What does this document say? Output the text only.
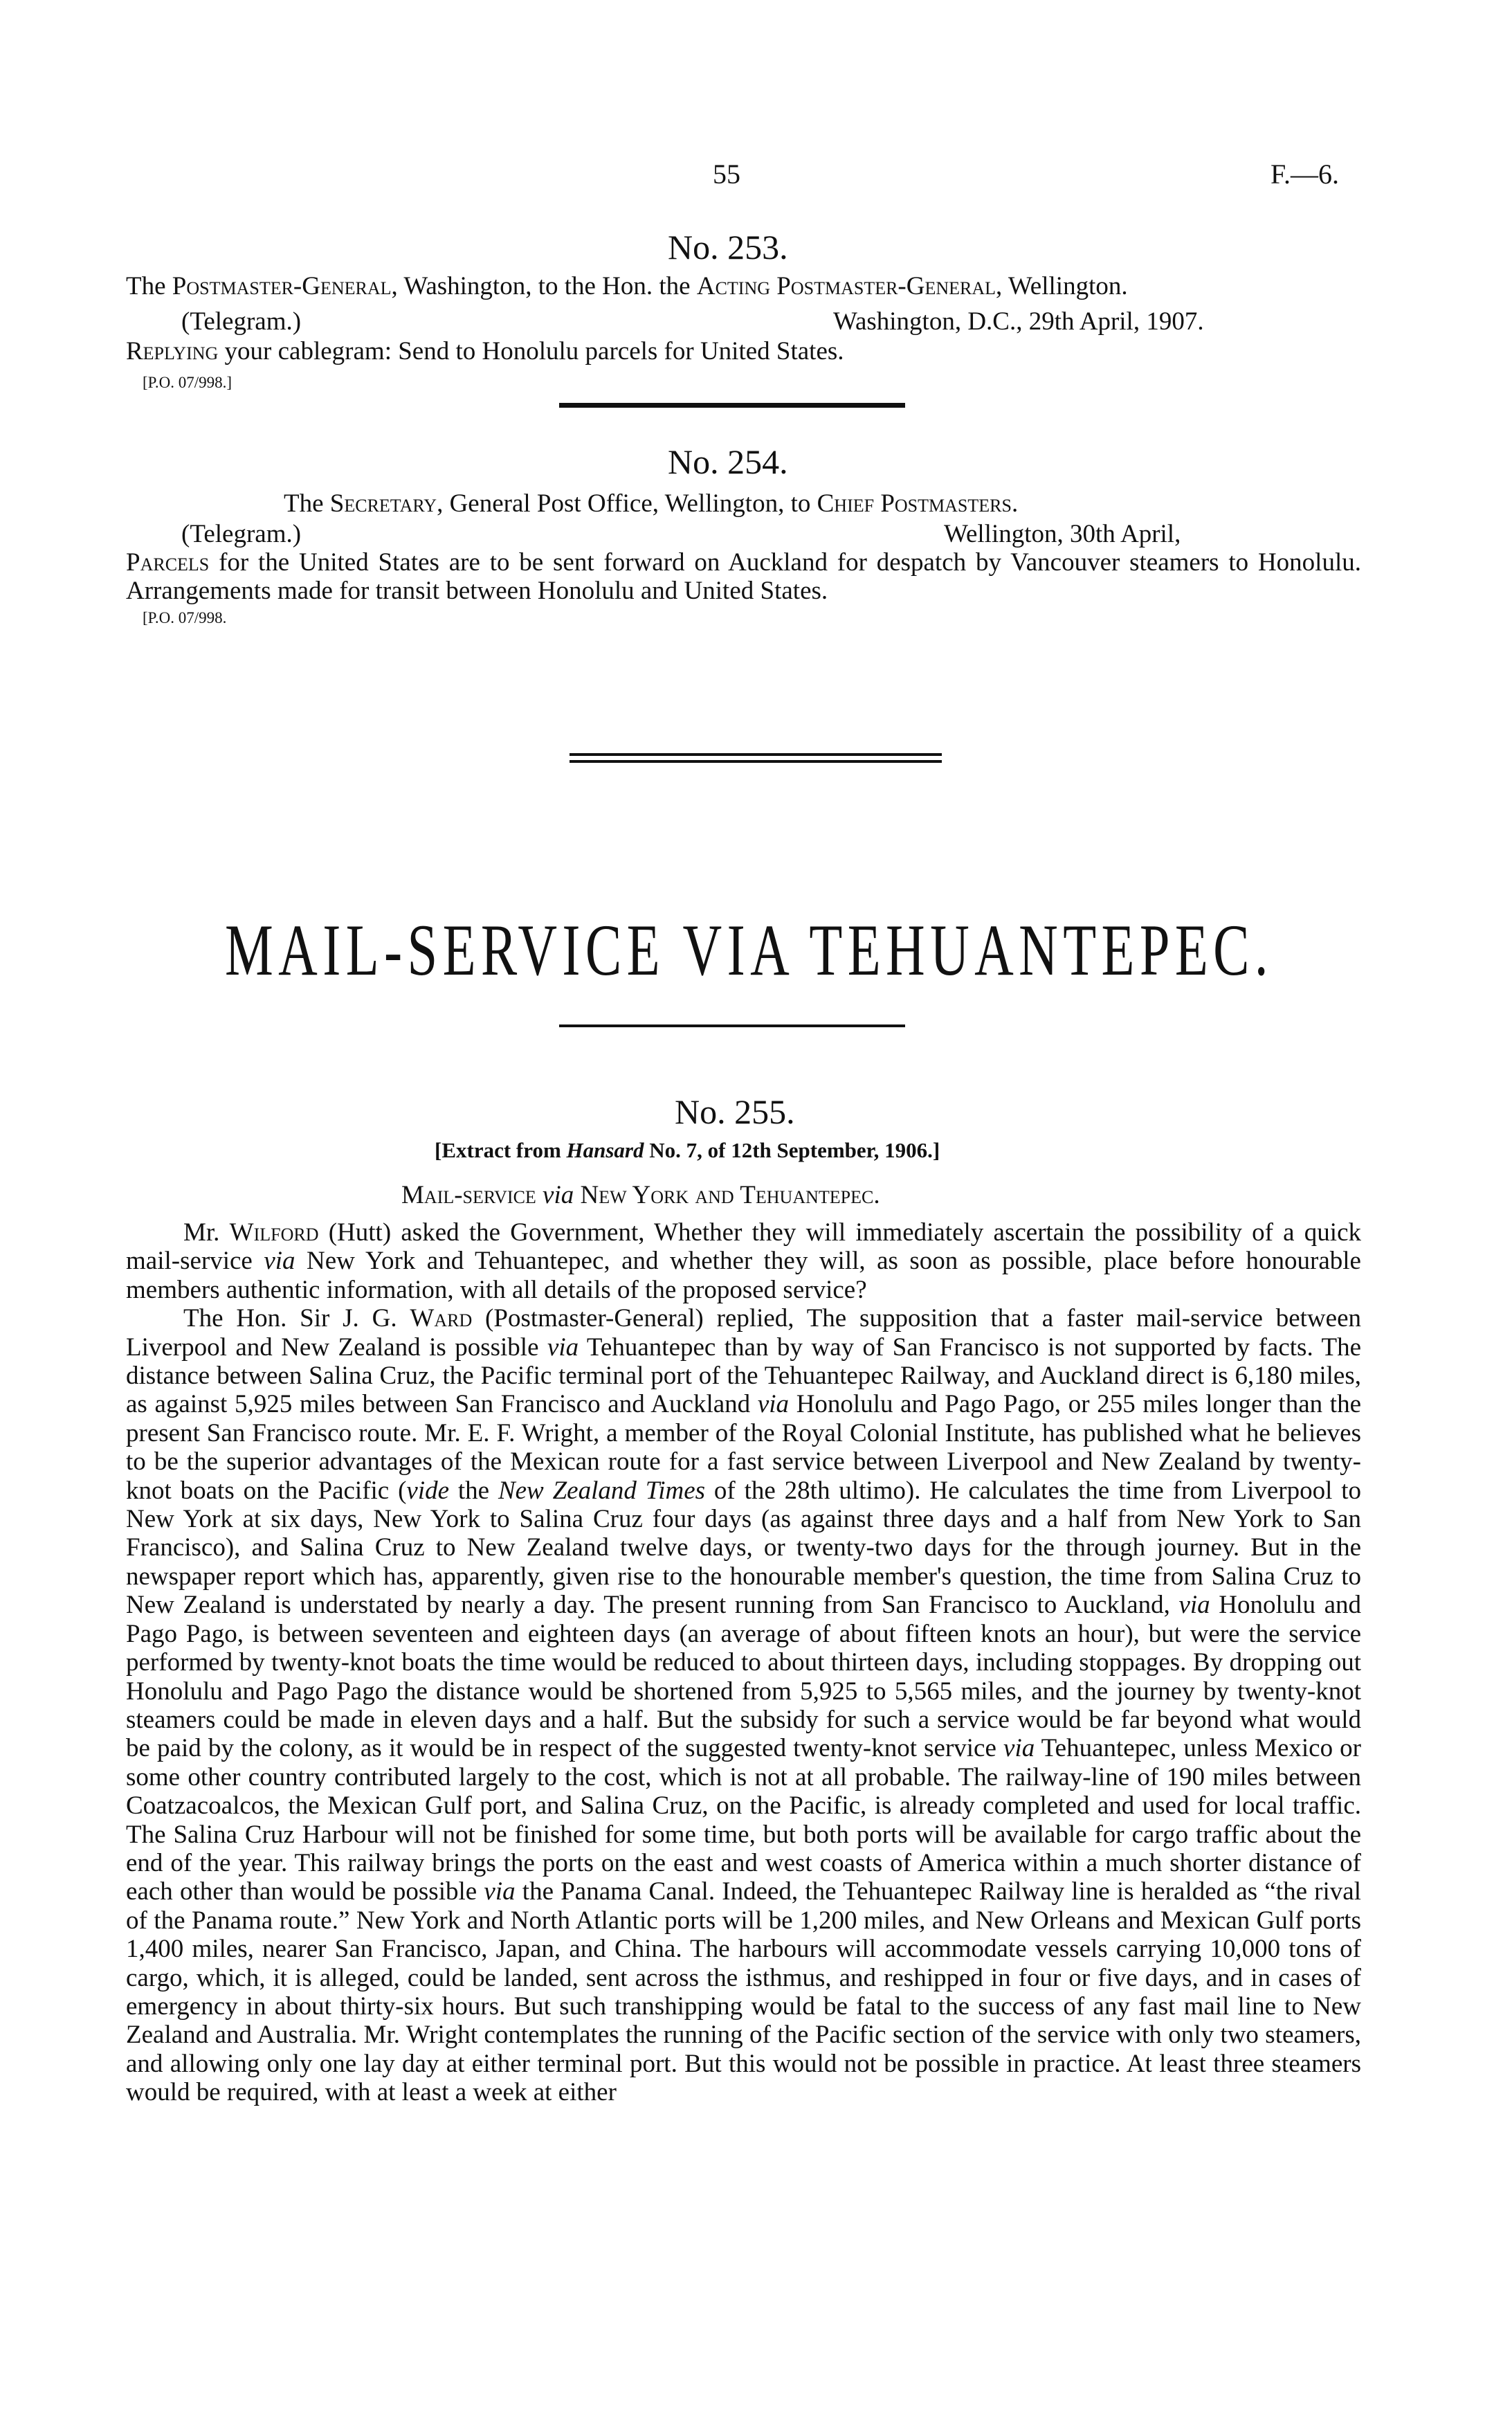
55	F.—6.
No. 253.
The Postmaster-General, Washington, to the Hon. the Acting Postmaster-General, Wellington.
(Telegram.)	Washington, D.C., 29th April, 1907.
Replying your cablegram: Send to Honolulu parcels for United States.
[P.O. 07/998.]
No. 254.
The Secretary, General Post Office, Wellington, to Chief Postmasters.
(Telegram.)	Wellington, 30th April,
Parcels for the United States are to be sent forward on Auckland for despatch by Vancouver steamers to Honolulu. Arrangements made for transit between Honolulu and United States.
[P.O. 07/998.
MAIL-SERVICE VIA TEHUANTEPEC.
No. 255.
[Extract from Hansard No. 7, of 12th September, 1906.]
Mail-service via New York and Tehuantepec.

Mr. Wilford (Hutt) asked the Government, Whether they will immediately ascertain the possibility of a quick mail-service via New York and Tehuantepec, and whether they will, as soon as possible, place before honourable members authentic information, with all details of the proposed service?

The Hon. Sir J. G. Ward (Postmaster-General) replied, The supposition that a faster mail-service between Liverpool and New Zealand is possible via Tehuantepec than by way of San Francisco is not supported by facts. The distance between Salina Cruz, the Pacific terminal port of the Tehuantepec Railway, and Auckland direct is 6,180 miles, as against 5,925 miles between San Francisco and Auckland via Honolulu and Pago Pago, or 255 miles longer than the present San Francisco route. Mr. E. F. Wright, a member of the Royal Colonial Institute, has published what he believes to be the superior advantages of the Mexican route for a fast service between Liverpool and New Zealand by twenty-knot boats on the Pacific (vide the New Zealand Times of the 28th ultimo). He calculates the time from Liverpool to New York at six days, New York to Salina Cruz four days (as against three days and a half from New York to San Francisco), and Salina Cruz to New Zealand twelve days, or twenty-two days for the through journey. But in the newspaper report which has, apparently, given rise to the honourable member's question, the time from Salina Cruz to New Zealand is understated by nearly a day. The present running from San Francisco to Auckland, via Honolulu and Pago Pago, is between seventeen and eighteen days (an average of about fifteen knots an hour), but were the service performed by twenty-knot boats the time would be reduced to about thirteen days, including stoppages. By dropping out Honolulu and Pago Pago the distance would be shortened from 5,925 to 5,565 miles, and the journey by twenty-knot steamers could be made in eleven days and a half. But the subsidy for such a service would be far beyond what would be paid by the colony, as it would be in respect of the suggested twenty-knot service via Tehuantepec, unless Mexico or some other country contributed largely to the cost, which is not at all probable. The railway-line of 190 miles between Coatzacoalcos, the Mexican Gulf port, and Salina Cruz, on the Pacific, is already completed and used for local traffic. The Salina Cruz Harbour will not be finished for some time, but both ports will be available for cargo traffic about the end of the year. This railway brings the ports on the east and west coasts of America within a much shorter distance of each other than would be possible via the Panama Canal. Indeed, the Tehuantepec Railway line is heralded as “the rival of the Panama route.” New York and North Atlantic ports will be 1,200 miles, and New Orleans and Mexican Gulf ports 1,400 miles, nearer San Francisco, Japan, and China. The harbours will accommodate vessels carrying 10,000 tons of cargo, which, it is alleged, could be landed, sent across the isthmus, and reshipped in four or five days, and in cases of emergency in about thirty-six hours. But such transhipping would be fatal to the success of any fast mail line to New Zealand and Australia. Mr. Wright contemplates the running of the Pacific section of the service with only two steamers, and allowing only one lay day at either terminal port. But this would not be possible in practice. At least three steamers would be required, with at least a week at either
